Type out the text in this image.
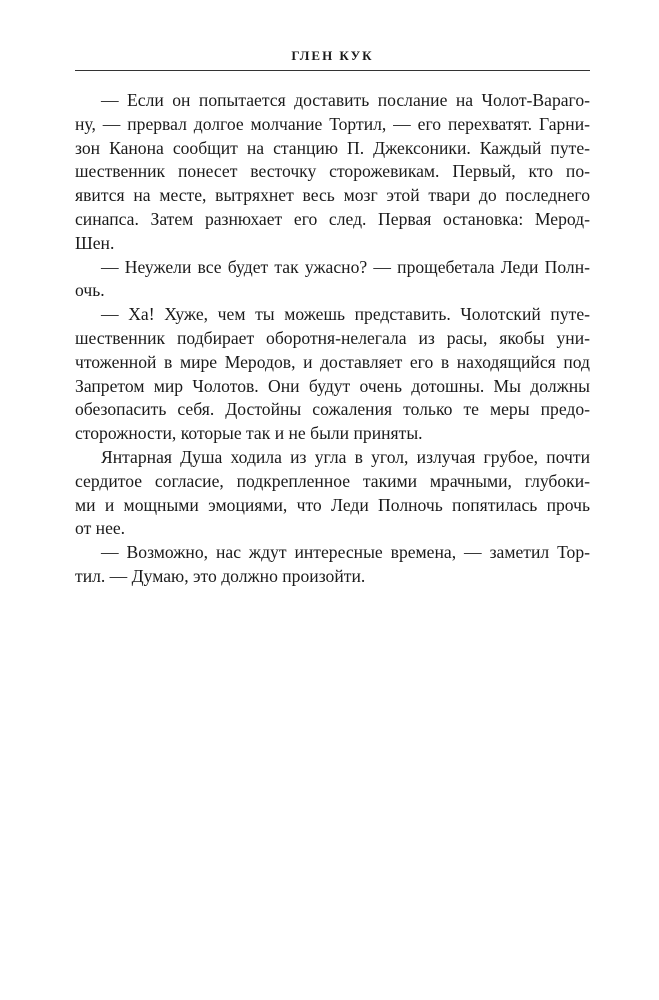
ГЛЕН КУК
— Если он попытается доставить послание на Чолот-Вараго-
ну, — прервал долгое молчание Тортил, — его перехватят. Гарни-
зон Канона сообщит на станцию П. Джексоники. Каждый путе-
шественник понесет весточку сторожевикам. Первый, кто по-
явится на месте, вытряхнет весь мозг этой твари до последнего
синапса. Затем разнюхает его след. Первая остановка: Мерод-
Шен.
— Неужели все будет так ужасно? — прощебетала Леди Полн-
очь.
— Ха! Хуже, чем ты можешь представить. Чолотский путе-
шественник подбирает оборотня-нелегала из расы, якобы уни-
чтоженной в мире Меродов, и доставляет его в находящийся под
Запретом мир Чолотов. Они будут очень дотошны. Мы должны
обезопасить себя. Достойны сожаления только те меры предо-
сторожности, которые так и не были приняты.
Янтарная Душа ходила из угла в угол, излучая грубое, почти
сердитое согласие, подкрепленное такими мрачными, глубоки-
ми и мощными эмоциями, что Леди Полночь попятилась прочь
от нее.
— Возможно, нас ждут интересные времена, — заметил Тор-
тил. — Думаю, это должно произойти.
